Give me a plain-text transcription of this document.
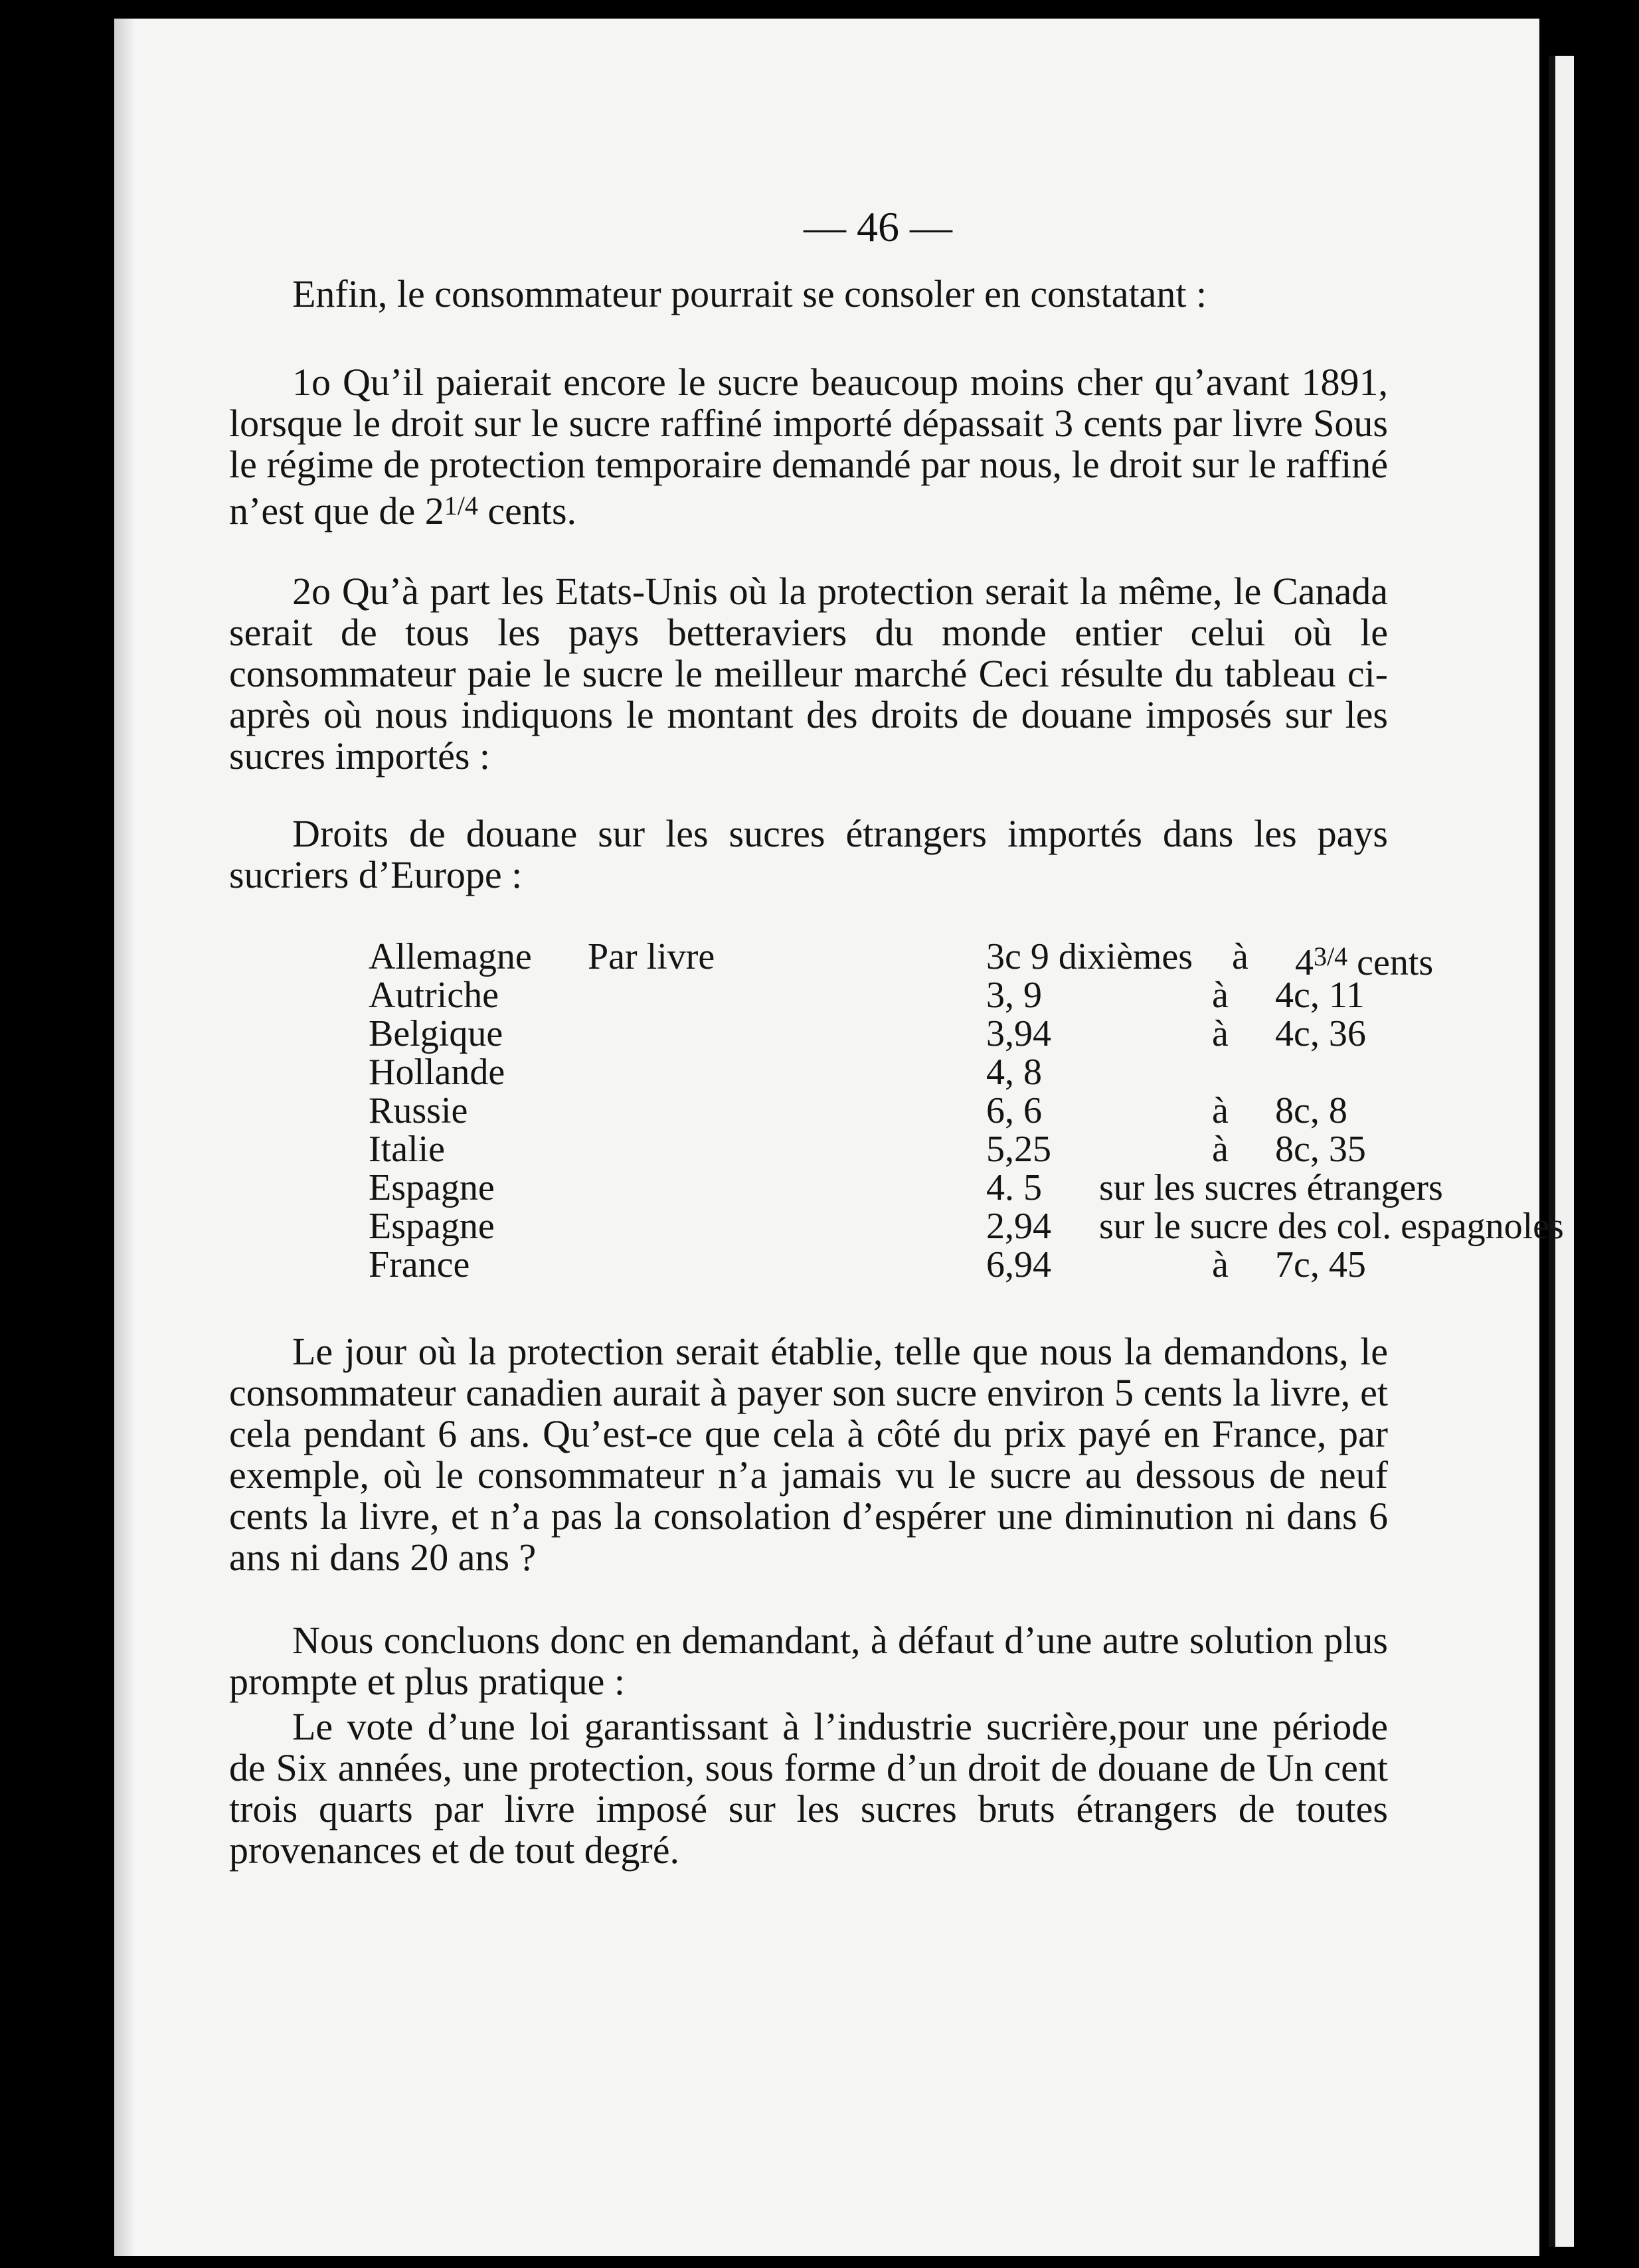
— 46 —

Enfin, le consommateur pourrait se consoler en constatant :

1o Qu’il paierait encore le sucre beaucoup moins cher qu’avant 1891, lorsque le droit sur le sucre raffiné importé dépassait 3 cents par livre Sous le régime de protection temporaire demandé par nous, le droit sur le raffiné n’est que de $2^{1/4}$ cents.

2o Qu’à part les Etats-Unis où la protection serait la même, le Canada serait de tous les pays betteraviers du monde entier celui où le consommateur paie le sucre le meilleur marché Ceci résulte du tableau ci-après où nous indiquons le montant des droits de douane imposés sur les sucres importés :

Droits de douane sur les sucres étrangers importés dans les pays sucriers d’Europe :

Allemagne Par livre	3c 9 dixièmes à $4^{3/4}$ cents
Autriche	3, 9	à 4c, 11
Belgique	3,94	à 4c, 36
Hollande	4, 8
Russie	6, 6	à 8c, 8
Italie	5,25	à 8c, 35
Espagne	4. 5 sur les sucres étrangers
Espagne	2,94 sur le sucre des col. espagnoles
France	6,94	à 7c, 45

Le jour où la protection serait établie, telle que nous la demandons, le consommateur canadien aurait à payer son sucre environ 5 cents la livre, et cela pendant 6 ans. Qu’est-ce que cela à côté du prix payé en France, par exemple, où le consommateur n’a jamais vu le sucre au dessous de neuf cents la livre, et n’a pas la consolation d’espérer une diminution ni dans 6 ans ni dans 20 ans ?

Nous concluons donc en demandant, à défaut d’une autre solution plus prompte et plus pratique :

Le vote d’une loi garantissant à l’industrie sucrière,pour une période de Six années, une protection, sous forme d’un droit de douane de Un cent trois quarts par livre imposé sur les sucres bruts étrangers de toutes provenances et de tout degré.
